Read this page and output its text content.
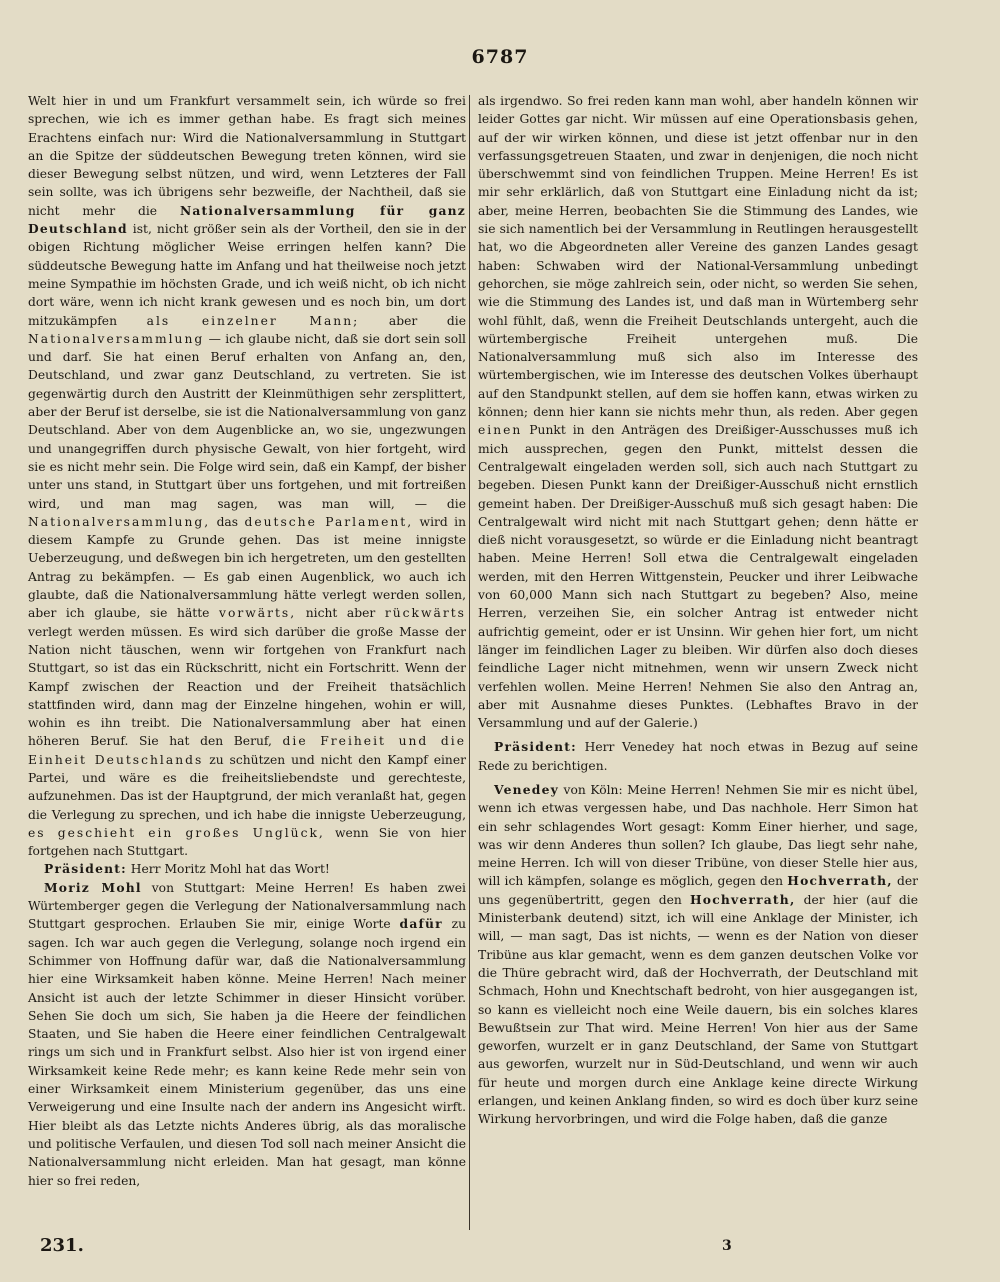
6787

Welt hier in und um Frankfurt versammelt sein, ich würde so frei sprechen, wie ich es immer gethan habe. Es fragt sich meines Erachtens einfach nur: Wird die Nationalversammlung in Stuttgart an die Spitze der süddeutschen Bewegung treten können, wird sie dieser Bewegung selbst nützen, und wird, wenn Letzteres der Fall sein sollte, was ich übrigens sehr bezweifle, der Nachtheil, daß sie nicht mehr die Nationalversammlung für ganz Deutschland ist, nicht größer sein als der Vortheil, den sie in der obigen Richtung möglicher Weise erringen helfen kann? Die süddeutsche Bewegung hatte im Anfang und hat theilweise noch jetzt meine Sympathie im höchsten Grade, und ich weiß nicht, ob ich nicht dort wäre, wenn ich nicht krank gewesen und es noch bin, um dort mitzukämpfen als einzelner Mann; aber die Nationalversammlung — ich glaube nicht, daß sie dort sein soll und darf. Sie hat einen Beruf erhalten von Anfang an, den, Deutschland, und zwar ganz Deutschland, zu vertreten. Sie ist gegenwärtig durch den Austritt der Kleinmüthigen sehr zersplittert, aber der Beruf ist derselbe, sie ist die Nationalversammlung von ganz Deutschland. Aber von dem Augenblicke an, wo sie, ungezwungen und unangegriffen durch physische Gewalt, von hier fortgeht, wird sie es nicht mehr sein. Die Folge wird sein, daß ein Kampf, der bisher unter uns stand, in Stuttgart über uns fortgehen, und mit fortreißen wird, und man mag sagen, was man will, — die Nationalversammlung, das deutsche Parlament, wird in diesem Kampfe zu Grunde gehen. Das ist meine innigste Ueberzeugung, und deßwegen bin ich hergetreten, um den gestellten Antrag zu bekämpfen. — Es gab einen Augenblick, wo auch ich glaubte, daß die Nationalversammlung hätte verlegt werden sollen, aber ich glaube, sie hätte vorwärts, nicht aber rückwärts verlegt werden müssen. Es wird sich darüber die große Masse der Nation nicht täuschen, wenn wir fortgehen von Frankfurt nach Stuttgart, so ist das ein Rückschritt, nicht ein Fortschritt. Wenn der Kampf zwischen der Reaction und der Freiheit thatsächlich stattfinden wird, dann mag der Einzelne hingehen, wohin er will, wohin es ihn treibt. Die Nationalversammlung aber hat einen höheren Beruf. Sie hat den Beruf, die Freiheit und die Einheit Deutschlands zu schützen und nicht den Kampf einer Partei, und wäre es die freiheitsliebendste und gerechteste, aufzunehmen. Das ist der Hauptgrund, der mich veranlaßt hat, gegen die Verlegung zu sprechen, und ich habe die innigste Ueberzeugung, es geschieht ein großes Unglück, wenn Sie von hier fortgehen nach Stuttgart.

Präsident: Herr Moritz Mohl hat das Wort!

Moriz Mohl von Stuttgart: Meine Herren! Es haben zwei Würtemberger gegen die Verlegung der Nationalversammlung nach Stuttgart gesprochen. Erlauben Sie mir, einige Worte dafür zu sagen. Ich war auch gegen die Verlegung, solange noch irgend ein Schimmer von Hoffnung dafür war, daß die Nationalversammlung hier eine Wirksamkeit haben könne. Meine Herren! Nach meiner Ansicht ist auch der letzte Schimmer in dieser Hinsicht vorüber. Sehen Sie doch um sich, Sie haben ja die Heere der feindlichen Staaten, und Sie haben die Heere einer feindlichen Centralgewalt rings um sich und in Frankfurt selbst. Also hier ist von irgend einer Wirksamkeit keine Rede mehr; es kann keine Rede mehr sein von einer Wirksamkeit einem Ministerium gegenüber, das uns eine Verweigerung und eine Insulte nach der andern ins Angesicht wirft. Hier bleibt als das Letzte nichts Anderes übrig, als das moralische und politische Verfaulen, und diesen Tod soll nach meiner Ansicht die Nationalversammlung nicht erleiden. Man hat gesagt, man könne hier so frei reden,

als irgendwo. So frei reden kann man wohl, aber handeln können wir leider Gottes gar nicht. Wir müssen auf eine Operationsbasis gehen, auf der wir wirken können, und diese ist jetzt offenbar nur in den verfassungsgetreuen Staaten, und zwar in denjenigen, die noch nicht überschwemmt sind von feindlichen Truppen. Meine Herren! Es ist mir sehr erklärlich, daß von Stuttgart eine Einladung nicht da ist; aber, meine Herren, beobachten Sie die Stimmung des Landes, wie sie sich namentlich bei der Versammlung in Reutlingen herausgestellt hat, wo die Abgeordneten aller Vereine des ganzen Landes gesagt haben: Schwaben wird der National-Versammlung unbedingt gehorchen, sie möge zahlreich sein, oder nicht, so werden Sie sehen, wie die Stimmung des Landes ist, und daß man in Würtemberg sehr wohl fühlt, daß, wenn die Freiheit Deutschlands untergeht, auch die würtembergische Freiheit untergehen muß. Die Nationalversammlung muß sich also im Interesse des würtembergischen, wie im Interesse des deutschen Volkes überhaupt auf den Standpunkt stellen, auf dem sie hoffen kann, etwas wirken zu können; denn hier kann sie nichts mehr thun, als reden. Aber gegen einen Punkt in den Anträgen des Dreißiger-Ausschusses muß ich mich aussprechen, gegen den Punkt, mittelst dessen die Centralgewalt eingeladen werden soll, sich auch nach Stuttgart zu begeben. Diesen Punkt kann der Dreißiger-Ausschuß nicht ernstlich gemeint haben. Der Dreißiger-Ausschuß muß sich gesagt haben: Die Centralgewalt wird nicht mit nach Stuttgart gehen; denn hätte er dieß nicht vorausgesetzt, so würde er die Einladung nicht beantragt haben. Meine Herren! Soll etwa die Centralgewalt eingeladen werden, mit den Herren Wittgenstein, Peucker und ihrer Leibwache von 60,000 Mann sich nach Stuttgart zu begeben? Also, meine Herren, verzeihen Sie, ein solcher Antrag ist entweder nicht aufrichtig gemeint, oder er ist Unsinn. Wir gehen hier fort, um nicht länger im feindlichen Lager zu bleiben. Wir dürfen also doch dieses feindliche Lager nicht mitnehmen, wenn wir unsern Zweck nicht verfehlen wollen. Meine Herren! Nehmen Sie also den Antrag an, aber mit Ausnahme dieses Punktes. (Lebhaftes Bravo in der Versammlung und auf der Galerie.)

Präsident: Herr Venedey hat noch etwas in Bezug auf seine Rede zu berichtigen.

Venedey von Köln: Meine Herren! Nehmen Sie mir es nicht übel, wenn ich etwas vergessen habe, und Das nachhole. Herr Simon hat ein sehr schlagendes Wort gesagt: Komm Einer hierher, und sage, was wir denn Anderes thun sollen? Ich glaube, Das liegt sehr nahe, meine Herren. Ich will von dieser Tribüne, von dieser Stelle hier aus, will ich kämpfen, solange es möglich, gegen den Hochverrath, der uns gegenübertritt, gegen den Hochverrath, der hier (auf die Ministerbank deutend) sitzt, ich will eine Anklage der Minister, ich will, — man sagt, Das ist nichts, — wenn es der Nation von dieser Tribüne aus klar gemacht, wenn es dem ganzen deutschen Volke vor die Thüre gebracht wird, daß der Hochverrath, der Deutschland mit Schmach, Hohn und Knechtschaft bedroht, von hier ausgegangen ist, so kann es vielleicht noch eine Weile dauern, bis ein solches klares Bewußtsein zur That wird. Meine Herren! Von hier aus der Same geworfen, wurzelt er in ganz Deutschland, der Same von Stuttgart aus geworfen, wurzelt nur in Süd-Deutschland, und wenn wir auch für heute und morgen durch eine Anklage keine directe Wirkung erlangen, und keinen Anklang finden, so wird es doch über kurz seine Wirkung hervorbringen, und wird die Folge haben, daß die ganze

231.	3
